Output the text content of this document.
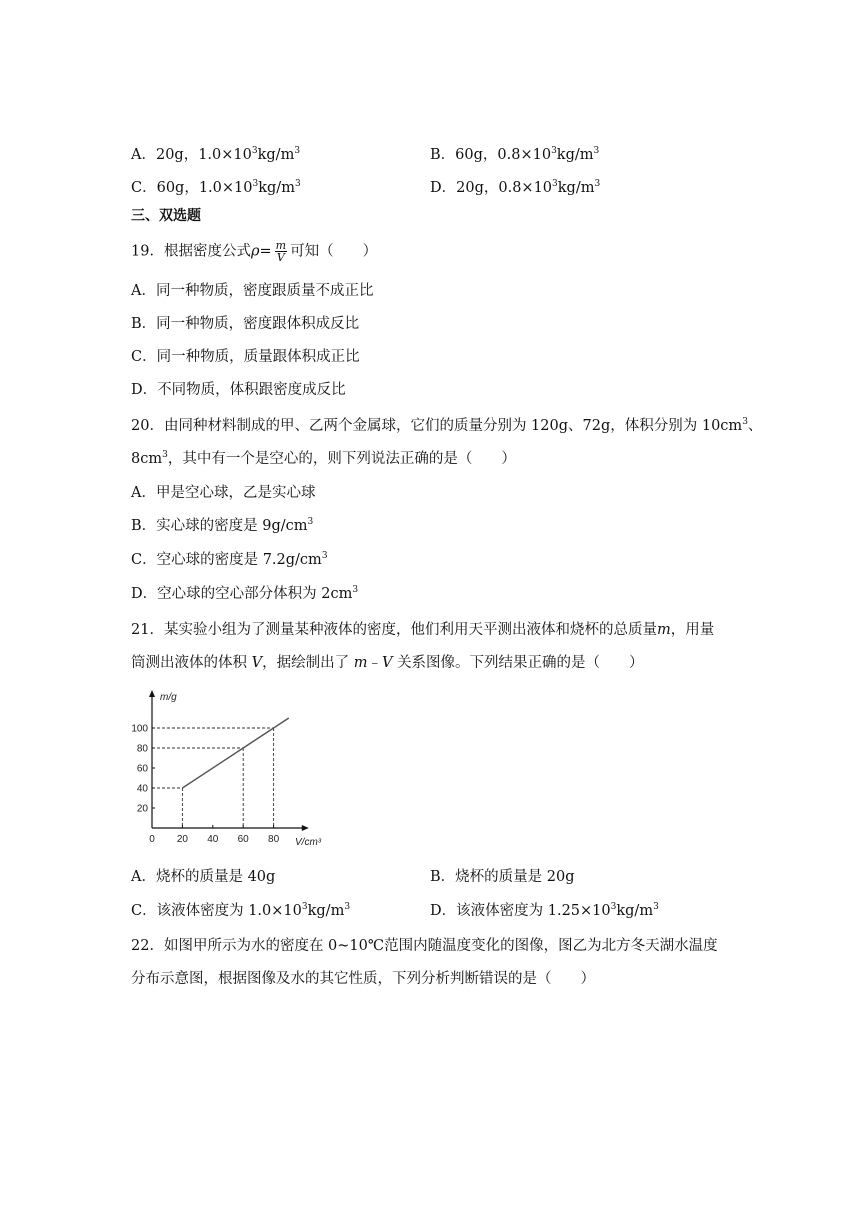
A．20g，$1.0\times 10^3kg/m^3$	B．60g，$0.8\times 10^3kg/m^3$
C．60g，$1.0\times 10^3kg/m^3$	D．20g，$0.8\times 10^3kg/m^3$
三、双选题
19．根据密度公式$\rho= \frac{m}{V}$ 可知（　　）
A．同一种物质，密度跟质量不成正比
B．同一种物质，密度跟体积成反比
C．同一种物质，质量跟体积成正比
D．不同物质，体积跟密度成反比
20．由同种材料制成的甲、乙两个金属球，它们的质量分别为 120g、72g，体积分别为 $10cm^3$、
$8cm^3$，其中有一个是空心的，则下列说法正确的是（　　）
A．甲是空心球，乙是实心球
B．实心球的密度是 $9g/cm^3$
C．空心球的密度是 $7.2g/cm^3$
D．空心球的空心部分体积为 $2cm^3$
21．某实验小组为了测量某种液体的密度，他们利用天平测出液体和烧杯的总质量m，用量
筒测出液体的体积 V，据绘制出了 m﹣V 关系图像。下列结果正确的是（　　）
0 20 40 60 80
20
40
60
80
100
m/g
V/cm³
A．烧杯的质量是 40g	B．烧杯的质量是 20g
C．该液体密度为 $1.0\times 10^3kg/m^3$	D．该液体密度为 $1.25\times 10^3kg/m^3$
22．如图甲所示为水的密度在 0~10℃范围内随温度变化的图像，图乙为北方冬天湖水温度
分布示意图，根据图像及水的其它性质，下列分析判断错误的是（　　）
